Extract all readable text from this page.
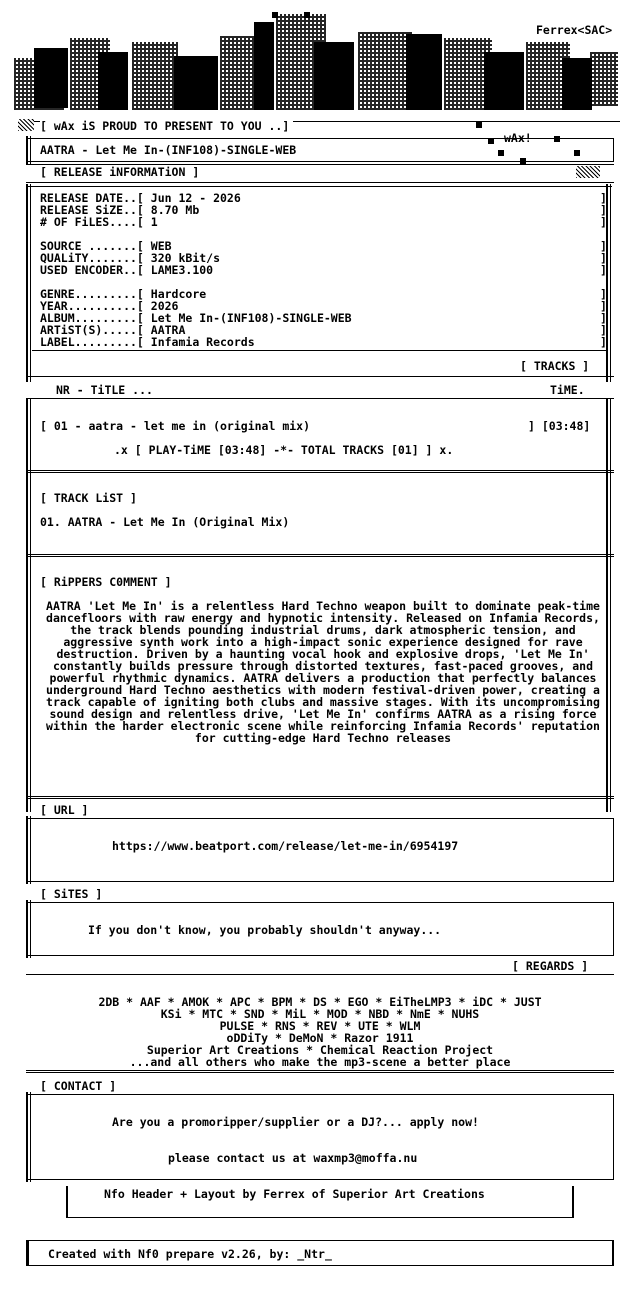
Ferrex<SAC>
[ wAx iS PROUD TO PRESENT TO YOU ..]
wAx!
AATRA - Let Me In-(INF108)-SINGLE-WEB
[ RELEASE iNFORMATiON ]
RELEASE DATE..[ Jun 12 - 2026
RELEASE SiZE..[ 8.70 Mb
# OF FiLES....[ 1
SOURCE .......[ WEB
QUALiTY.......[ 320 kBit/s
USED ENCODER..[ LAME3.100
GENRE.........[ Hardcore
YEAR..........[ 2026
ALBUM.........[ Let Me In-(INF108)-SINGLE-WEB
ARTiST(S).....[ AATRA
LABEL.........[ Infamia Records
]
]
]
]
]
]
]
]
]
]
]
[ TRACKS ]
NR - TiTLE ...	TiME.
[ 01 - aatra - let me in (original mix)	] [03:48]
.x [ PLAY-TiME [03:48] -*- TOTAL TRACKS [01] ] x.
[ TRACK LiST ]
01. AATRA - Let Me In (Original Mix)
[ RiPPERS C0MMENT ]
AATRA 'Let Me In' is a relentless Hard Techno weapon built to dominate peak-time dancefloors with raw energy and hypnotic intensity. Released on Infamia Records, the track blends pounding industrial drums, dark atmospheric tension, and aggressive synth work into a high-impact sonic experience designed for rave destruction. Driven by a haunting vocal hook and explosive drops, 'Let Me In' constantly builds pressure through distorted textures, fast-paced grooves, and powerful rhythmic dynamics. AATRA delivers a production that perfectly balances underground Hard Techno aesthetics with modern festival-driven power, creating a track capable of igniting both clubs and massive stages. With its uncompromising sound design and relentless drive, 'Let Me In' confirms AATRA as a rising force within the harder electronic scene while reinforcing Infamia Records' reputation for cutting-edge Hard Techno releases
[ URL ]
https://www.beatport.com/release/let-me-in/6954197
[ SiTES ]
If you don't know, you probably shouldn't anyway...
[ REGARDS ]
2DB * AAF * AMOK * APC * BPM * DS * EGO * EiTheLMP3 * iDC * JUST
KSi * MTC * SND * MiL * MOD * NBD * NmE * NUHS
PULSE * RNS * REV * UTE * WLM
oDDiTy * DeMoN * Razor 1911
Superior Art Creations * Chemical Reaction Project
...and all others who make the mp3-scene a better place
[ CONTACT ]
Are you a promoripper/supplier or a DJ?... apply now!
please contact us at waxmp3@moffa.nu
Nfo Header + Layout by Ferrex of Superior Art Creations
Created with Nf0 prepare v2.26, by: _Ntr_
